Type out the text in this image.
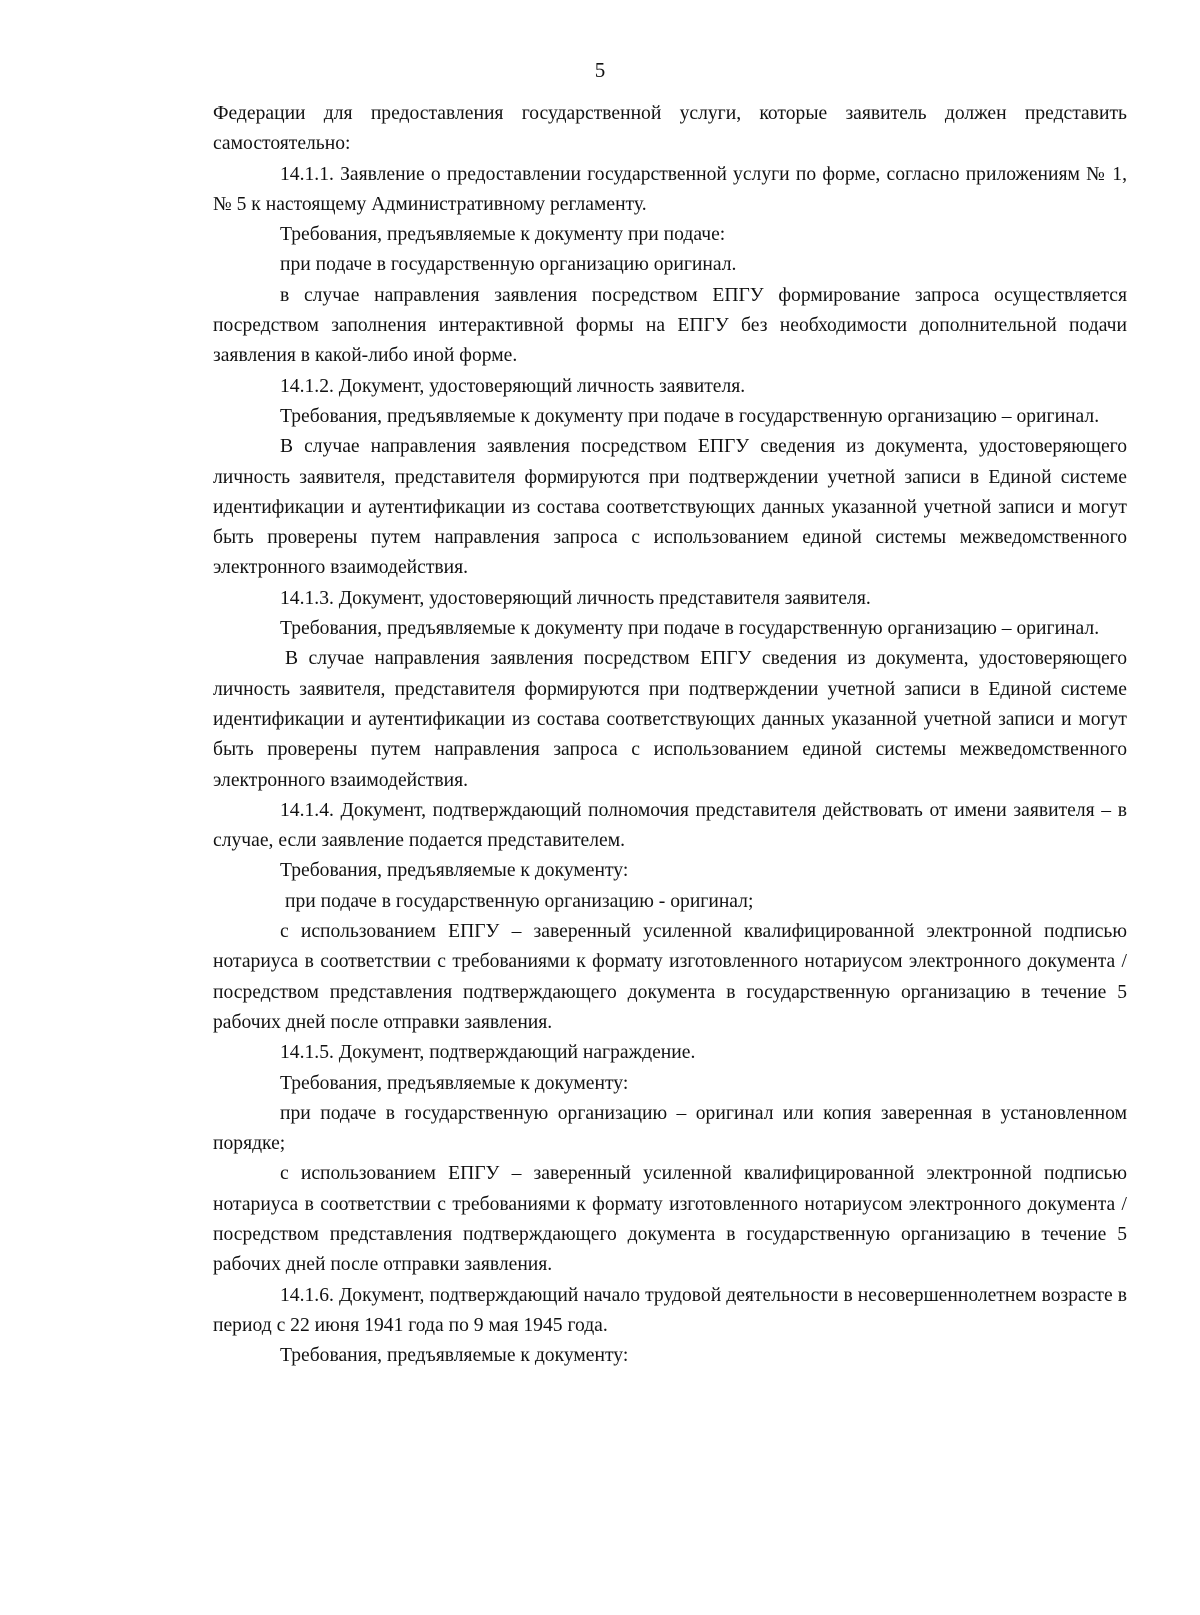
5

Федерации для предоставления государственной услуги, которые заявитель должен представить самостоятельно:

14.1.1. Заявление о предоставлении государственной услуги по форме, согласно приложениям № 1, № 5 к настоящему Административному регламенту.

Требования, предъявляемые к документу при подаче:

при подаче в государственную организацию оригинал.

в случае направления заявления посредством ЕПГУ формирование запроса осуществляется посредством заполнения интерактивной формы на ЕПГУ без необходимости дополнительной подачи заявления в какой-либо иной форме.

14.1.2. Документ, удостоверяющий личность заявителя.

Требования, предъявляемые к документу при подаче в государственную организацию – оригинал.

В случае направления заявления посредством ЕПГУ сведения из документа, удостоверяющего личность заявителя, представителя формируются при подтверждении учетной записи в Единой системе идентификации и аутентификации из состава соответствующих данных указанной учетной записи и могут быть проверены путем направления запроса с использованием единой системы межведомственного электронного взаимодействия.

14.1.3. Документ, удостоверяющий личность представителя заявителя.

Требования, предъявляемые к документу при подаче в государственную организацию – оригинал.

В случае направления заявления посредством ЕПГУ сведения из документа, удостоверяющего личность заявителя, представителя формируются при подтверждении учетной записи в Единой системе идентификации и аутентификации из состава соответствующих данных указанной учетной записи и могут быть проверены путем направления запроса с использованием единой системы межведомственного электронного взаимодействия.

14.1.4. Документ, подтверждающий полномочия представителя действовать от имени заявителя – в случае, если заявление подается представителем.

Требования, предъявляемые к документу:

при подаче в государственную организацию - оригинал;

с использованием ЕПГУ – заверенный усиленной квалифицированной электронной подписью нотариуса в соответствии с требованиями к формату изготовленного нотариусом электронного документа / посредством представления подтверждающего документа в государственную организацию в течение 5 рабочих дней после отправки заявления.

14.1.5. Документ, подтверждающий награждение.

Требования, предъявляемые к документу:

при подаче в государственную организацию – оригинал или копия заверенная в установленном порядке;

с использованием ЕПГУ – заверенный усиленной квалифицированной электронной подписью нотариуса в соответствии с требованиями к формату изготовленного нотариусом электронного документа / посредством представления подтверждающего документа в государственную организацию в течение 5 рабочих дней после отправки заявления.

14.1.6. Документ, подтверждающий начало трудовой деятельности в несовершеннолетнем возрасте в период с 22 июня 1941 года по 9 мая 1945 года.

Требования, предъявляемые к документу:
